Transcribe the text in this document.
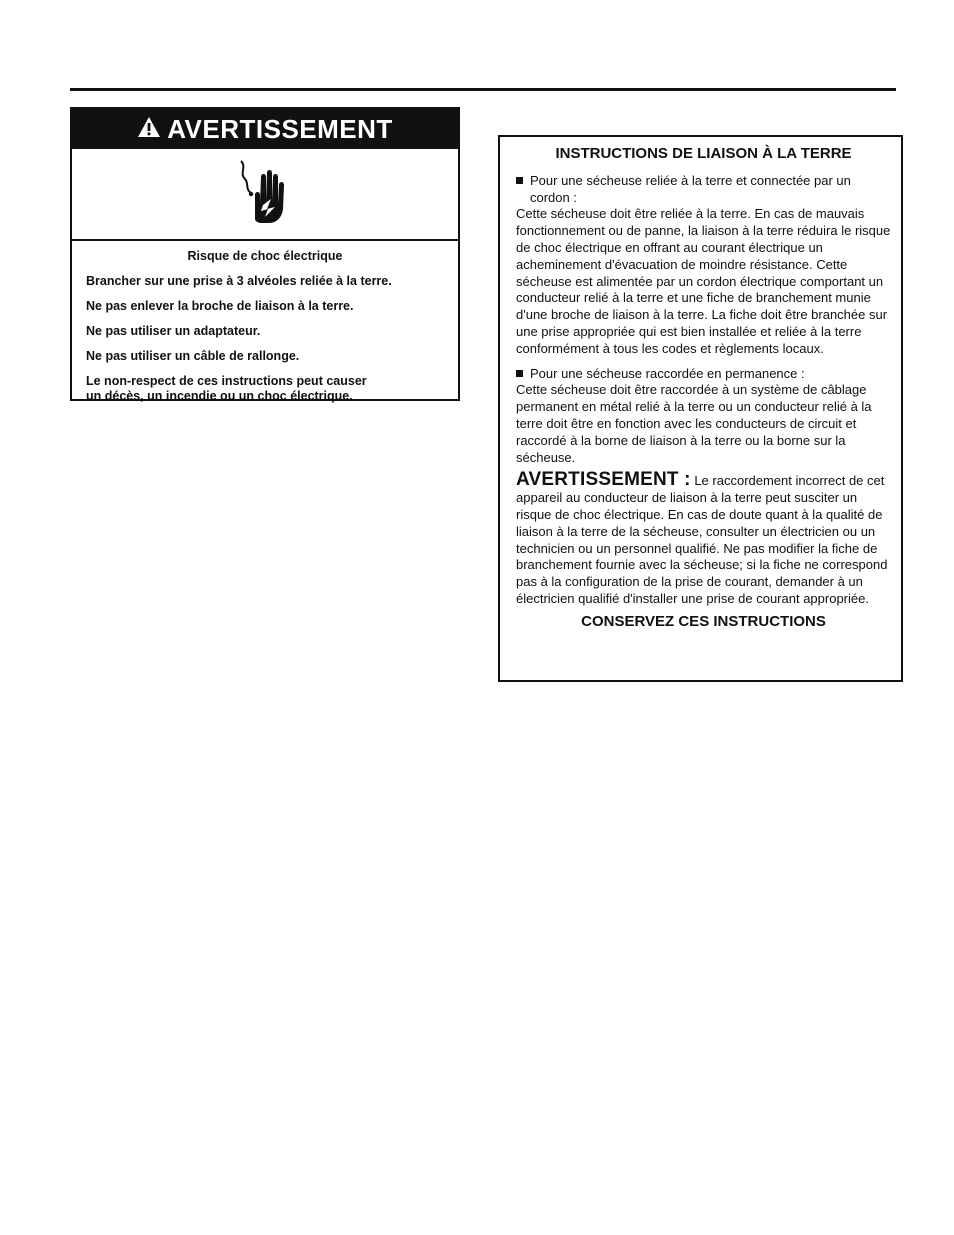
AVERTISSEMENT
Risque de choc électrique
Brancher sur une prise à 3 alvéoles reliée à la terre.
Ne pas enlever la broche de liaison à la terre.
Ne pas utiliser un adaptateur.
Ne pas utiliser un câble de rallonge.
Le non-respect de ces instructions peut causer
un décès, un incendie ou un choc électrique.
INSTRUCTIONS DE LIAISON À LA TERRE
Pour une sécheuse reliée à la terre et connectée par un cordon :

Cette sécheuse doit être reliée à la terre. En cas de mauvais fonctionnement ou de panne, la liaison à la terre réduira le risque de choc électrique en offrant au courant électrique un acheminement d'évacuation de moindre résistance. Cette sécheuse est alimentée par un cordon électrique comportant un conducteur relié à la terre et une fiche de branchement munie d'une broche de liaison à la terre. La fiche doit être branchée sur une prise appropriée qui est bien installée et reliée à la terre conformément à tous les codes et règlements locaux.

Pour une sécheuse raccordée en permanence :

Cette sécheuse doit être raccordée à un système de câblage permanent en métal relié à la terre ou un conducteur relié à la terre doit être en fonction avec les conducteurs de circuit et raccordé à la borne de liaison à la terre ou la borne sur la sécheuse.

AVERTISSEMENT : Le raccordement incorrect de cet appareil au conducteur de liaison à la terre peut susciter un risque de choc électrique. En cas de doute quant à la qualité de liaison à la terre de la sécheuse, consulter un électricien ou un technicien ou un personnel qualifié. Ne pas modifier la fiche de branchement fournie avec la sécheuse; si la fiche ne correspond pas à la configuration de la prise de courant, demander à un électricien qualifié d'installer une prise de courant appropriée.

CONSERVEZ CES INSTRUCTIONS
